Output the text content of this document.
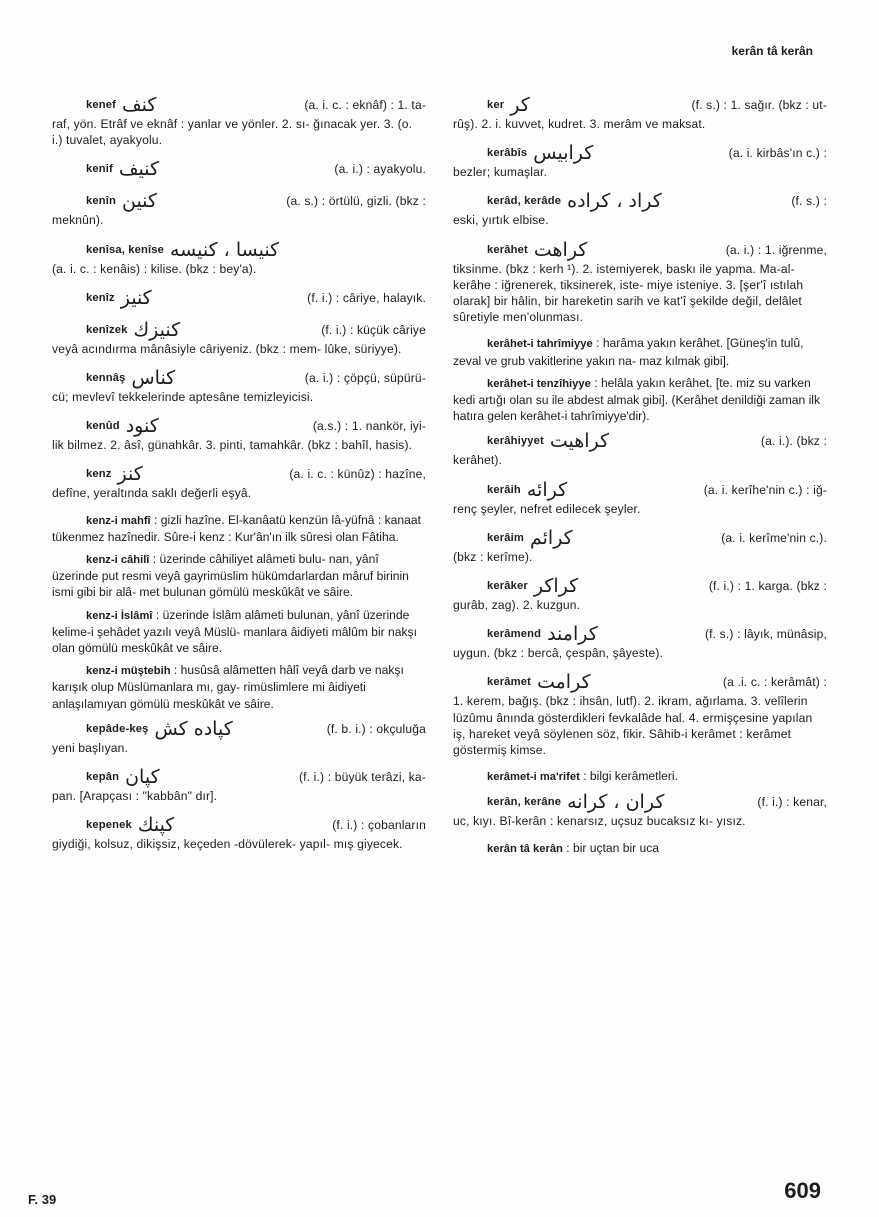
kerân tâ kerân
kenef كنف	(a. i. c. : eknâf) : 1. ta-
raf, yön. Etrâf ve eknâf : yanlar ve yönler. 2. sı- ğınacak yer. 3. (o. i.) tuvalet, ayakyolu.
kenif كنيف	(a. i.) : ayakyolu.
kenîn كنين	(a. s.) : örtülü, gizli. (bkz :
meknûn).
kenîsa, kenîse كنيسا ، كنيسه
(a. i. c. : kenâis) : kilise. (bkz : bey'a).
kenîz كنيز	(f. i.) : câriye, halayık.
kenîzek كنيزك	(f. i.) : küçük câriye
veyâ acındırma mânâsiyle câriyeniz. (bkz : mem- lûke, süriyye).
kennâş كناس	(a. i.) : çöpçü, süpürü-
cü; mevlevî tekkelerinde aptesâne temizleyicisi.
kenûd كنود	(a.s.) : 1. nankör, iyi-
lik bilmez. 2. âsî, günahkâr. 3. pinti, tamahkâr. (bkz : bahîl, hasis).
kenz كنز	(a. i. c. : künûz) : hazîne,
defîne, yeraltında saklı değerli eşyâ.
kenz-i mahfî : gizli hazîne. El-kanâatü kenzün lâ-yüfnâ : kanaat tükenmez hazînedir. Sûre-i kenz : Kur'ân'ın ilk sûresi olan Fâtiha.
kenz-i câhilî : üzerinde câhiliyet alâmeti bulu- nan, yânî üzerinde put resmi veyâ gayrimüslim hükümdarlardan mâruf birinin ismi gibi bir alâ- met bulunan gömülü meskûkât ve sâire.
kenz-i İslâmî : üzerinde İslâm alâmeti bulunan, yânî üzerinde kelime-i şehâdet yazılı veyâ Müslü- manlara âidiyeti mâlûm bir nakşı olan gömülü meskûkât ve sâire.
kenz-i müştebih : husûsâ alâmetten hâlî veyâ darb ve nakşı karışık olup Müslümanlara mı, gay- rimüslimlere mi âidiyeti anlaşılamıyan gömülü meskûkât ve sâire.
kepâde-keş كپاده كش	(f. b. i.) : okçuluğa
yeni başlıyan.
kepân كپان	(f. i.) : büyük terâzi, ka-
pan. [Arapçası : "kabbân" dır].
kepenek كپنك	(f. i.) : çobanların
giydiği, kolsuz, dikişsiz, keçeden -dövülerek- yapıl- mış giyecek.
ker كر	(f. s.) : 1. sağır. (bkz : ut-
rûş). 2. i. kuvvet, kudret. 3. merâm ve maksat.
kerâbîs كرابيس	(a. i. kirbâs'ın c.) :
bezler; kumaşlar.
kerâd, kerâde كراد ، كراده	(f. s.) :
eski, yırtık elbise.
kerâhet كراهت	(a. i.) : 1. iğrenme,
tiksinme. (bkz : kerh ¹). 2. istemiyerek, baskı ile yapma. Ma-al-kerâhe : iğrenerek, tiksinerek, iste- miye isteniye. 3. [şer'î ıstılah olarak] bir hâlin, bir hareketin sarih ve kat'î şekilde değil, delâlet sûretiyle men'olunması.
kerâhet-i tahrîmiyye : harâma yakın kerâhet. [Güneş'in tulû, zeval ve grub vakitlerine yakın na- maz kılmak gibi].
kerâhet-i tenzîhiyye : helâla yakın kerâhet. [te. miz su varken kedi artığı olan su ile abdest almak gibi]. (Kerâhet denildiği zaman ilk hatıra gelen kerâhet-i tahrîmiyye'dir).
kerâhiyyet كراهيت	(a. i.). (bkz :
kerâhet).
kerâih كرائه	(a. i. kerîhe'nin c.) : iğ-
renç şeyler, nefret edilecek şeyler.
kerâim كرائم	(a. i. kerîme'nin c.).
(bkz : kerîme).
kerâker كراكر	(f. i.) : 1. karga. (bkz :
gurâb, zag). 2. kuzgun.
kerâmend كرامند	(f. s.) : lâyık, münâsip,
uygun. (bkz : bercâ, çespân, şâyeste).
kerâmet كرامت	(a .i. c. : kerâmât) :
1. kerem, bağış. (bkz : ihsân, lutf). 2. ikram, ağırlama. 3. velîlerin lüzûmu ânında gösterdikleri fevkalâde hal. 4. ermişçesine yapılan iş, hareket veyâ söylenen söz, fikir. Sâhib-i kerâmet : kerâmet göstermiş kimse.
kerâmet-i ma'rifet : bilgi kerâmetleri.
kerân, kerâne كران ، كرانه	(f. i.) : kenar,
uc, kıyı. Bî-kerân : kenarsız, uçsuz bucaksız kı- yısız.
kerân tâ kerân : bir uçtan bir uca
F. 39	609
